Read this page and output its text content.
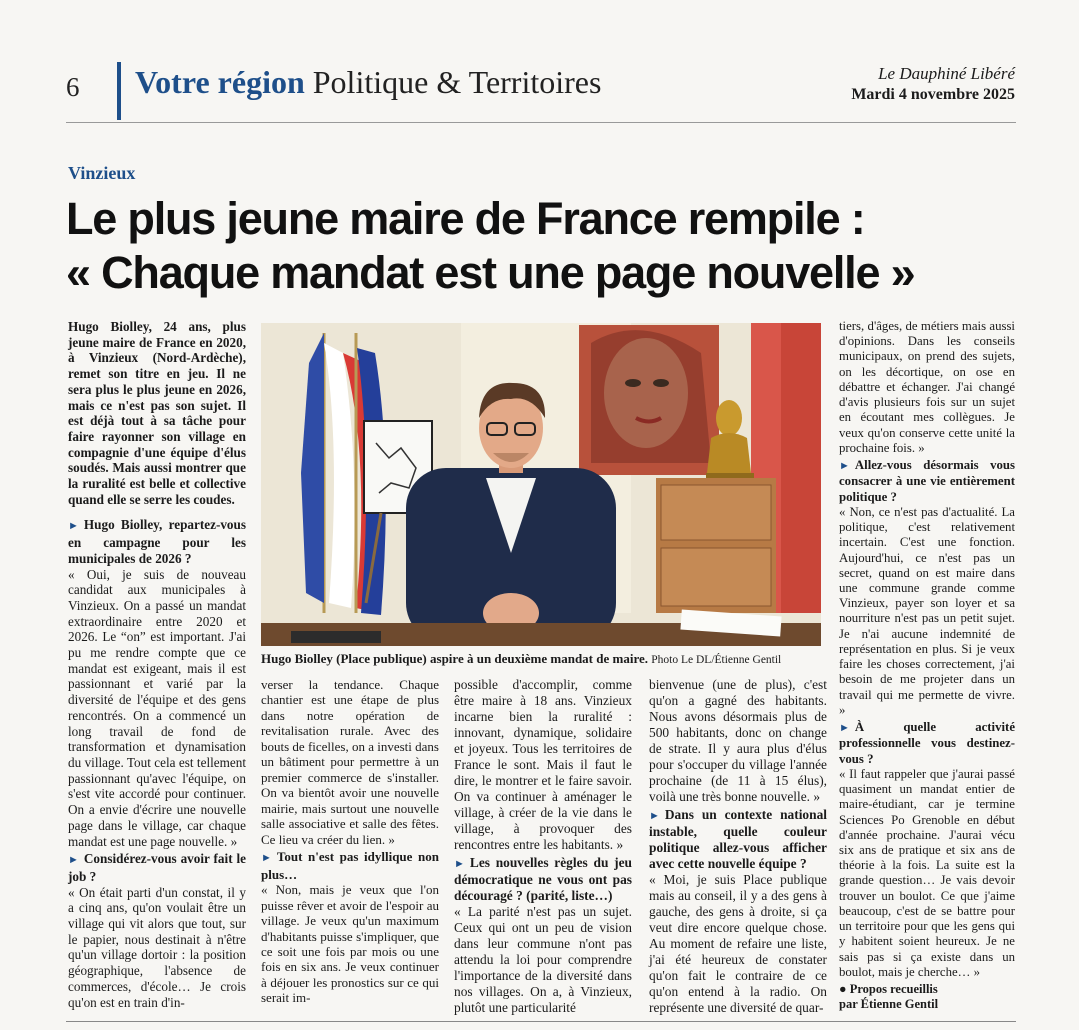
6 Votre région Politique & Territoires	Le Dauphiné Libéré
Mardi 4 novembre 2025
Vinzieux
Le plus jeune maire de France rempile :
« Chaque mandat est une page nouvelle »

Hugo Biolley, 24 ans, plus jeune maire de France en 2020, à Vinzieux (Nord-Ardèche), remet son titre en jeu. Il ne sera plus le plus jeune en 2026, mais ce n'est pas son sujet. Il est déjà tout à sa tâche pour faire rayonner son village en compagnie d'une équipe d'élus soudés. Mais aussi montrer que la ruralité est belle et collective quand elle se serre les coudes.

► Hugo Biolley, repartez-vous en campagne pour les municipales de 2026 ?

« Oui, je suis de nouveau candidat aux municipales à Vinzieux. On a passé un mandat extraordinaire entre 2020 et 2026. Le “on” est important. J'ai pu me rendre compte que ce mandat est exigeant, mais il est passionnant et varié par la diversité de l'équipe et des gens rencontrés. On a commencé un long travail de fond de transformation et dynamisation du village. Tout cela est tellement passionnant qu'avec l'équipe, on s'est vite accordé pour continuer. On a envie d'écrire une nouvelle page dans le village, car chaque mandat est une page nouvelle. »

► Considérez-vous avoir fait le job ?

« On était parti d'un constat, il y a cinq ans, qu'on voulait être un village qui vit alors que tout, sur le papier, nous destinait à n'être qu'un village dortoir : la position géographique, l'absence de commerces, d'école… Je crois qu'on est en train d'in-

Hugo Biolley (Place publique) aspire à un deuxième mandat de maire. Photo Le DL/Étienne Gentil

verser la tendance. Chaque chantier est une étape de plus dans notre opération de revitalisation rurale. Avec des bouts de ficelles, on a investi dans un bâtiment pour permettre à un premier commerce de s'installer. On va bientôt avoir une nouvelle mairie, mais surtout une nouvelle salle associative et salle des fêtes. Ce lieu va créer du lien. »

► Tout n'est pas idyllique non plus…

« Non, mais je veux que l'on puisse rêver et avoir de l'espoir au village. Je veux qu'un maximum d'habitants puisse s'impliquer, que ce soit une fois par mois ou une fois en six ans. Je veux continuer à déjouer les pronostics sur ce qui serait im-

possible d'accomplir, comme être maire à 18 ans. Vinzieux incarne bien la ruralité : innovant, dynamique, solidaire et joyeux. Tous les territoires de France le sont. Mais il faut le dire, le montrer et le faire savoir. On va continuer à aménager le village, à créer de la vie dans le village, à provoquer des rencontres entre les habitants. »

► Les nouvelles règles du jeu démocratique ne vous ont pas découragé ? (parité, liste…)

« La parité n'est pas un sujet. Ceux qui ont un peu de vision dans leur commune n'ont pas attendu la loi pour comprendre l'importance de la diversité dans nos villages. On a, à Vinzieux, plutôt une particularité

bienvenue (une de plus), c'est qu'on a gagné des habitants. Nous avons désormais plus de 500 habitants, donc on change de strate. Il y aura plus d'élus pour s'occuper du village l'année prochaine (de 11 à 15 élus), voilà une très bonne nouvelle. »

► Dans un contexte national instable, quelle couleur politique allez-vous afficher avec cette nouvelle équipe ?

« Moi, je suis Place publique mais au conseil, il y a des gens à gauche, des gens à droite, si ça veut dire encore quelque chose. Au moment de refaire une liste, j'ai été heureux de constater qu'on fait le contraire de ce qu'on entend à la radio. On représente une diversité de quar-

tiers, d'âges, de métiers mais aussi d'opinions. Dans les conseils municipaux, on prend des sujets, on les décortique, on ose en débattre et échanger. J'ai changé d'avis plusieurs fois sur un sujet en écoutant mes collègues. Je veux qu'on conserve cette unité la prochaine fois. »

► Allez-vous désormais vous consacrer à une vie entièrement politique ?

« Non, ce n'est pas d'actualité. La politique, c'est relativement incertain. C'est une fonction. Aujourd'hui, ce n'est pas un secret, quand on est maire dans une commune grande comme Vinzieux, payer son loyer et sa nourriture n'est pas un petit sujet. Je n'ai aucune indemnité de représentation en plus. Si je veux faire les choses correctement, j'ai besoin de me projeter dans un travail qui me permette de vivre. »

► À quelle activité professionnelle vous destinez-vous ?

« Il faut rappeler que j'aurai passé quasiment un mandat entier de maire-étudiant, car je termine Sciences Po Grenoble en début d'année prochaine. J'aurai vécu six ans de pratique et six ans de théorie à la fois. La suite est la grande question… Je vais devoir trouver un boulot. Ce que j'aime beaucoup, c'est de se battre pour un territoire pour que les gens qui y habitent soient heureux. Je ne sais pas si ça existe dans un boulot, mais je cherche… »

● Propos recueillis
par Étienne Gentil
